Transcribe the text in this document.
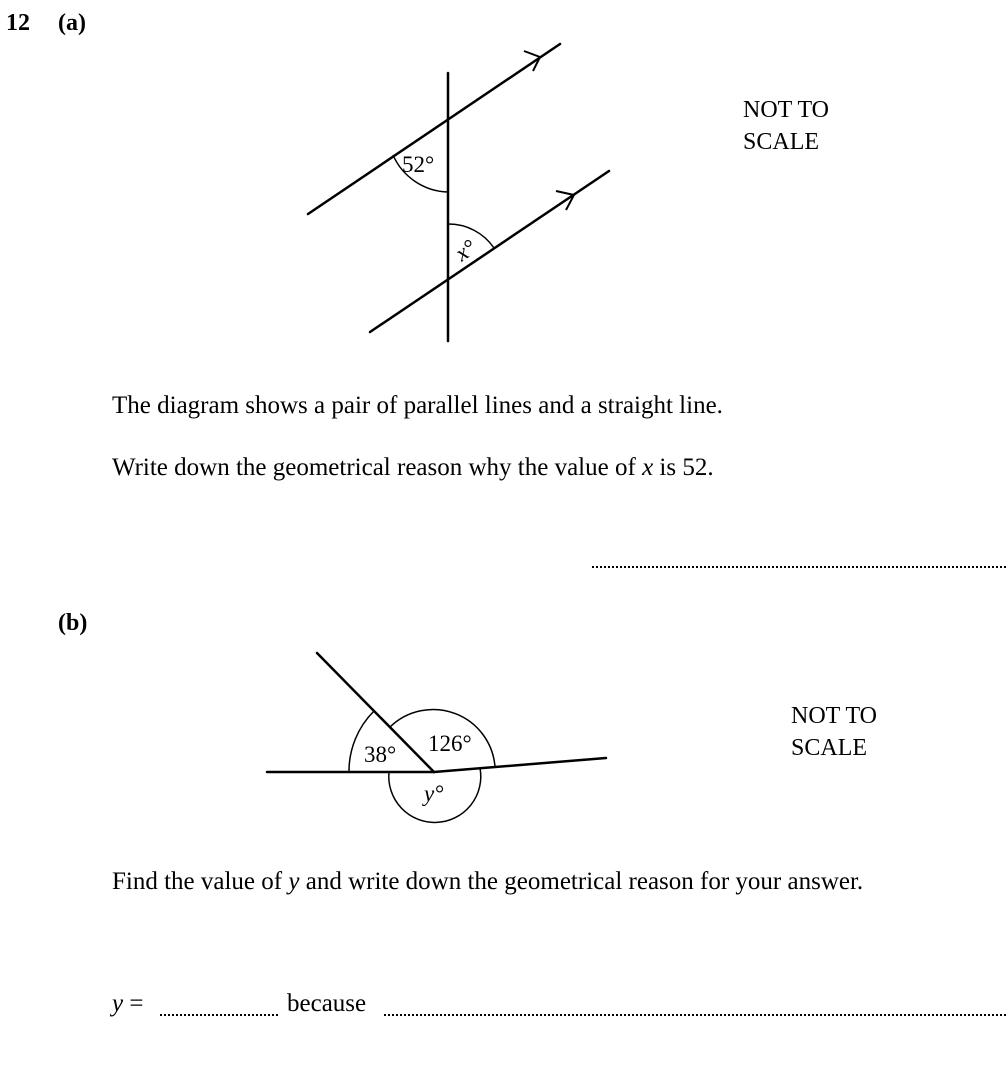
12 (a)
52°
x°
NOT TO
SCALE

The diagram shows a pair of parallel lines and a straight line.

Write down the geometrical reason why the value of x is 52.

(b)
38° 126°
y°
NOT TO
SCALE

Find the value of y and write down the geometrical reason for your answer.

y =	because
